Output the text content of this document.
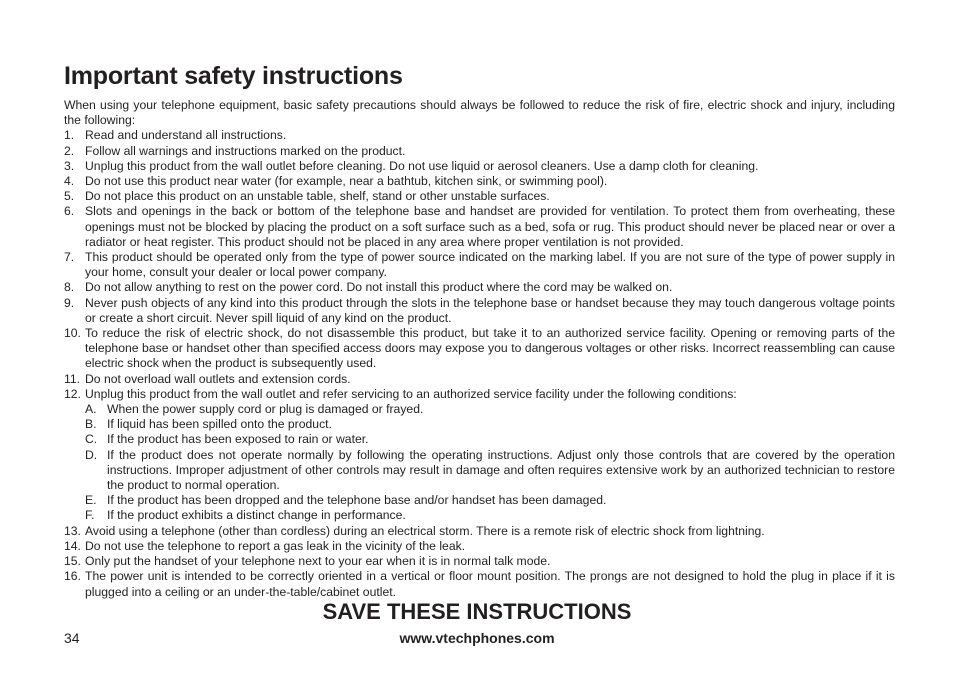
Important safety instructions

When using your telephone equipment, basic safety precautions should always be followed to reduce the risk of fire, electric shock and injury, including the following:

1. Read and understand all instructions.
2. Follow all warnings and instructions marked on the product.
3. Unplug this product from the wall outlet before cleaning. Do not use liquid or aerosol cleaners. Use a damp cloth for cleaning.
4. Do not use this product near water (for example, near a bathtub, kitchen sink, or swimming pool).
5. Do not place this product on an unstable table, shelf, stand or other unstable surfaces.
6. Slots and openings in the back or bottom of the telephone base and handset are provided for ventilation. To protect them from overheating, these openings must not be blocked by placing the product on a soft surface such as a bed, sofa or rug. This product should never be placed near or over a radiator or heat register. This product should not be placed in any area where proper ventilation is not provided.
7. This product should be operated only from the type of power source indicated on the marking label. If you are not sure of the type of power supply in your home, consult your dealer or local power company.
8. Do not allow anything to rest on the power cord. Do not install this product where the cord may be walked on.
9. Never push objects of any kind into this product through the slots in the telephone base or handset because they may touch dangerous voltage points or create a short circuit. Never spill liquid of any kind on the product.
10. To reduce the risk of electric shock, do not disassemble this product, but take it to an authorized service facility. Opening or removing parts of the telephone base or handset other than specified access doors may expose you to dangerous voltages or other risks. Incorrect reassembling can cause electric shock when the product is subsequently used.
11. Do not overload wall outlets and extension cords.
12. Unplug this product from the wall outlet and refer servicing to an authorized service facility under the following conditions:
A. When the power supply cord or plug is damaged or frayed.
B. If liquid has been spilled onto the product.
C. If the product has been exposed to rain or water.
D. If the product does not operate normally by following the operating instructions. Adjust only those controls that are covered by the operation instructions. Improper adjustment of other controls may result in damage and often requires extensive work by an authorized technician to restore the product to normal operation.
E. If the product has been dropped and the telephone base and/or handset has been damaged.
F.	If the product exhibits a distinct change in performance.
13. Avoid using a telephone (other than cordless) during an electrical storm. There is a remote risk of electric shock from lightning.
14. Do not use the telephone to report a gas leak in the vicinity of the leak.
15. Only put the handset of your telephone next to your ear when it is in normal talk mode.
16. The power unit is intended to be correctly oriented in a vertical or floor mount position. The prongs are not designed to hold the plug in place if it is plugged into a ceiling or an under-the-table/cabinet outlet.
SAVE THESE INSTRUCTIONS
34	www.vtechphones.com
